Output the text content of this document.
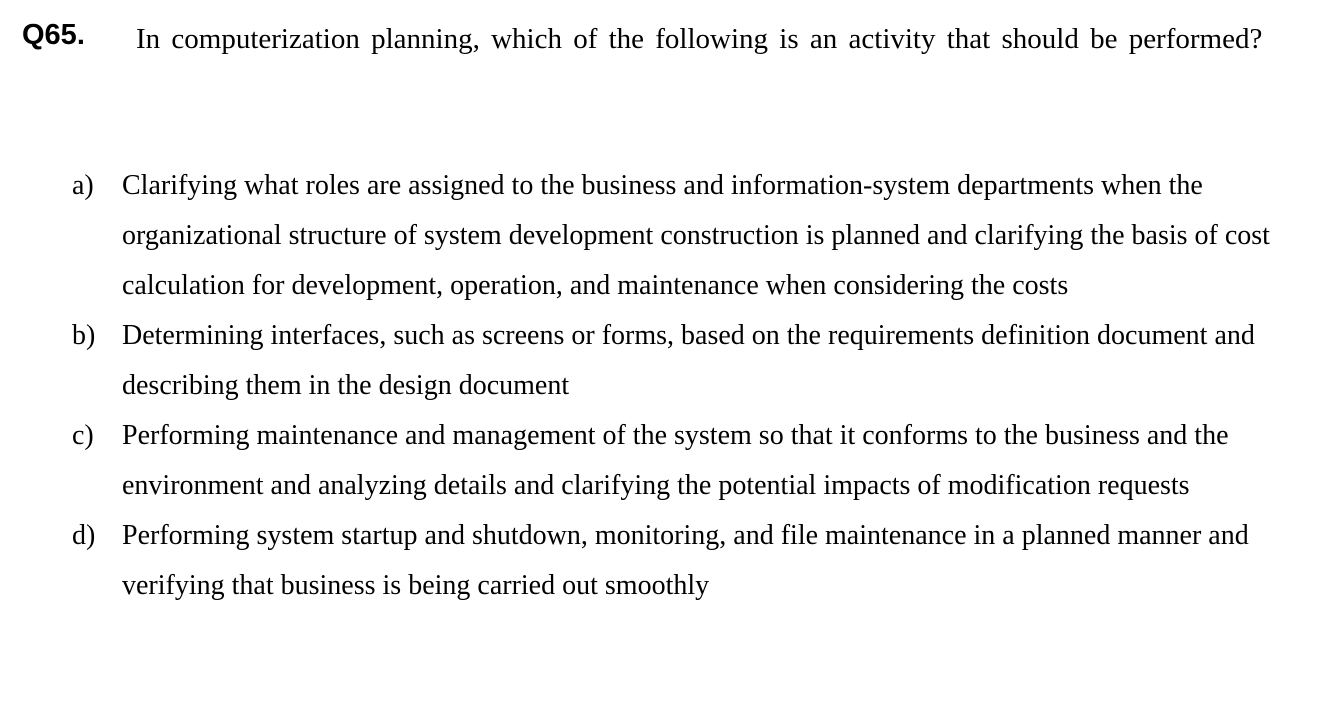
Q65.	In computerization planning, which of the following is an activity that should be performed?

a)	Clarifying what roles are assigned to the business and information-system departments when the organizational structure of system development construction is planned and clarifying the basis of cost calculation for development, operation, and maintenance when considering the costs
b) Determining interfaces, such as screens or forms, based on the requirements definition document and describing them in the design document
c)	Performing maintenance and management of the system so that it conforms to the business and the environment and analyzing details and clarifying the potential impacts of modification requests
d) Performing system startup and shutdown, monitoring, and file maintenance in a planned manner and verifying that business is being carried out smoothly
